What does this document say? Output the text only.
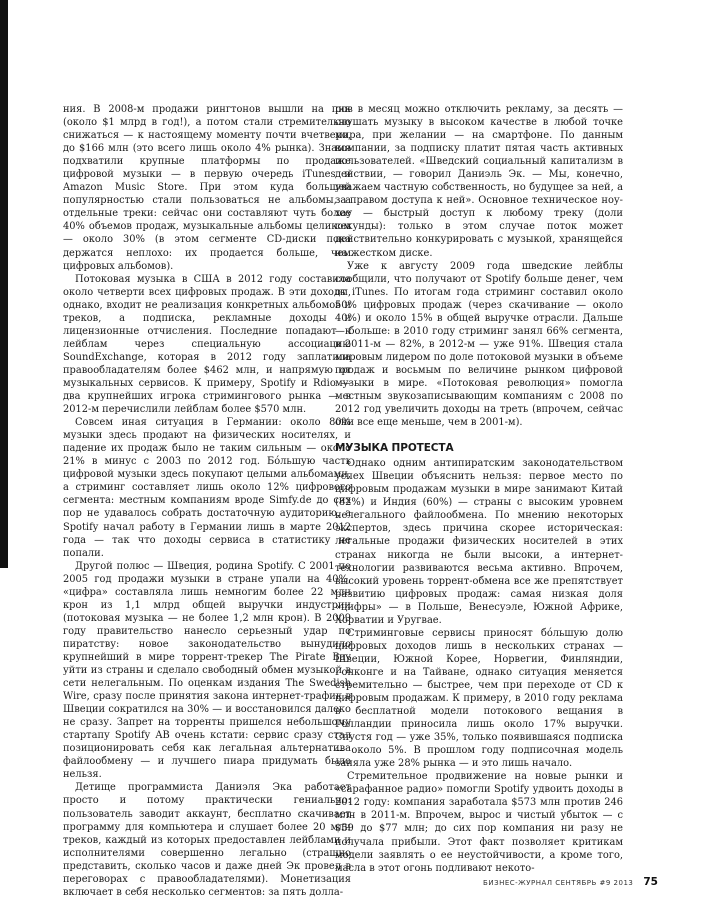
ния. В 2008-м продажи рингтонов вышли на пик (около $1 млрд в год!), а потом стали стремительно снижаться — к настоящему моменту почти вчетверо, до $166 млн (это всего лишь около 4% рынка). Знамя подхватили крупные платформы по продаже цифровой музыки — в первую очередь iTunes и Amazon Music Store. При этом куда большей популярностью стали пользоваться не альбомы, а отдельные треки: сейчас они составляют чуть более 40% объемов продаж, музыкальные альбомы целиком — около 30% (в этом сегменте CD-диски пока держатся неплохо: их продается больше, чем цифровых альбомов).

Потоковая музыка в США в 2012 году составила около четверти всех цифровых продаж. В эти доходы, однако, входит не реализация конкретных альбомов и треков, а подписка, рекламные доходы и лицензионные отчисления. Последние попадают к лейблам через специальную ассоциацию SoundExchange, которая в 2012 году заплатила правообладателям более $462 млн, и напрямую от музыкальных сервисов. К примеру, Spotify и Rdio — два крупнейших игрока стримингового рынка — в 2012-м перечислили лейблам более $570 млн.

Совсем иная ситуация в Германии: около 80% музыки здесь продают на физических носителях, и падение их продаж было не таким сильным — около 21% в минус с 2003 по 2012 год. Бо́льшую часть цифровой музыки здесь покупают целыми альбомами, а стриминг составляет лишь около 12% цифрового сегмента: местным компаниям вроде Simfy.de до сих пор не удавалось собрать достаточную аудиторию, а Spotify начал работу в Германии лишь в марте 2012 года — так что доходы сервиса в статистику не попали.

Другой полюс — Швеция, родина Spotify. С 2001 по 2005 год продажи музыки в стране упали на 40%, «цифра» составляла лишь немногим более 22 млн крон из 1,1 млрд общей выручки индустрии (потоковая музыка — не более 1,2 млн крон). В 2009 году правительство нанесло серьезный удар по пиратству: новое законодательство вынудило крупнейший в мире торрент-трекер The Pirate Bay уйти из страны и сделало свободный обмен музыкой в сети нелегальным. По оценкам издания The Swedish Wire, сразу после принятия закона интернет-трафик в Швеции сократился на 30% — и восстановился далеко не сразу. Запрет на торренты пришелся небольшому стартапу Spotify AB очень кстати: сервис сразу стал позиционировать себя как легальная альтернатива файлообмену — и лучшего пиара придумать было нельзя.

Детище программиста Даниэля Эка работает просто и потому практически гениально: пользователь заводит аккаунт, бесплатно скачивает программу для компьютера и слушает более 20 млн треков, каждый из которых предоставлен лейблами и исполнителями совершенно легально (страшно представить, сколько часов и даже дней Эк провел в переговорах с правообладателями). Монетизация включает в себя несколько сегментов: за пять долла-

ров в месяц можно отключить рекламу, за десять — слушать музыку в высоком качестве в любой точке мира, при желании — на смартфоне. По данным компании, за подписку платит пятая часть активных пользователей. «Шведский социальный капитализм в действии, — говорил Даниэль Эк. — Мы, конечно, уважаем частную собственность, но будущее за ней, а за правом доступа к ней». Основное техническое ноу-хау — быстрый доступ к любому треку (доли секунды): только в этом случае поток может действительно конкурировать с музыкой, хранящейся на жестком диске.

Уже к августу 2009 года шведские лейблы сообщили, что получают от Spotify больше денег, чем от iTunes. По итогам года стриминг составил около 50% цифровых продаж (через скачивание — около 40%) и около 15% в общей выручке отрасли. Дальше — больше: в 2010 году стриминг занял 66% сегмента, в 2011-м — 82%, в 2012-м — уже 91%. Швеция стала мировым лидером по доле потоковой музыки в объеме продаж и восьмым по величине рынком цифровой музыки в мире. «Потоковая революция» помогла местным звукозаписывающим компаниям с 2008 по 2012 год увеличить доходы на треть (впрочем, сейчас они все еще меньше, чем в 2001-м).

МУЗЫКА ПРОТЕСТА

Однако одним антипиратским законодательством успех Швеции объяснить нельзя: первое место по цифровым продажам музыки в мире занимают Китай (82%) и Индия (60%) — страны с высоким уровнем нелегального файлообмена. По мнению некоторых экспертов, здесь причина скорее историческая: легальные продажи физических носителей в этих странах никогда не были высоки, а интернет-технологии развиваются весьма активно. Впрочем, высокий уровень торрент-обмена все же препятствует развитию цифровых продаж: самая низкая доля «цифры» — в Польше, Венесуэле, Южной Африке, Хорватии и Уругвае.

Стриминговые сервисы приносят бо́льшую долю цифровых доходов лишь в нескольких странах — Швеции, Южной Корее, Норвегии, Финляндии, Гонконге и на Тайване, однако ситуация меняется стремительно — быстрее, чем при переходе от CD к цифровым продажам. К примеру, в 2010 году реклама в бесплатной модели потокового вещания в Голландии приносила лишь около 17% выручки. Спустя год — уже 35%, только появившаяся подписка — около 5%. В прошлом году подписочная модель заняла уже 28% рынка — и это лишь начало.

Стремительное продвижение на новые рынки и «сарафанное радио» помогли Spotify удвоить доходы в 2012 году: компания заработала $573 млн против 246 млн в 2011-м. Впрочем, вырос и чистый убыток — с $59 до $77 млн; до сих пор компания ни разу не получала прибыли. Этот факт позволяет критикам модели заявлять о ее неустойчивости, а кроме того, масла в этот огонь подливают некото-

БИЗНЕС-ЖУРНАЛ СЕНТЯБРЬ #9 2013 75
